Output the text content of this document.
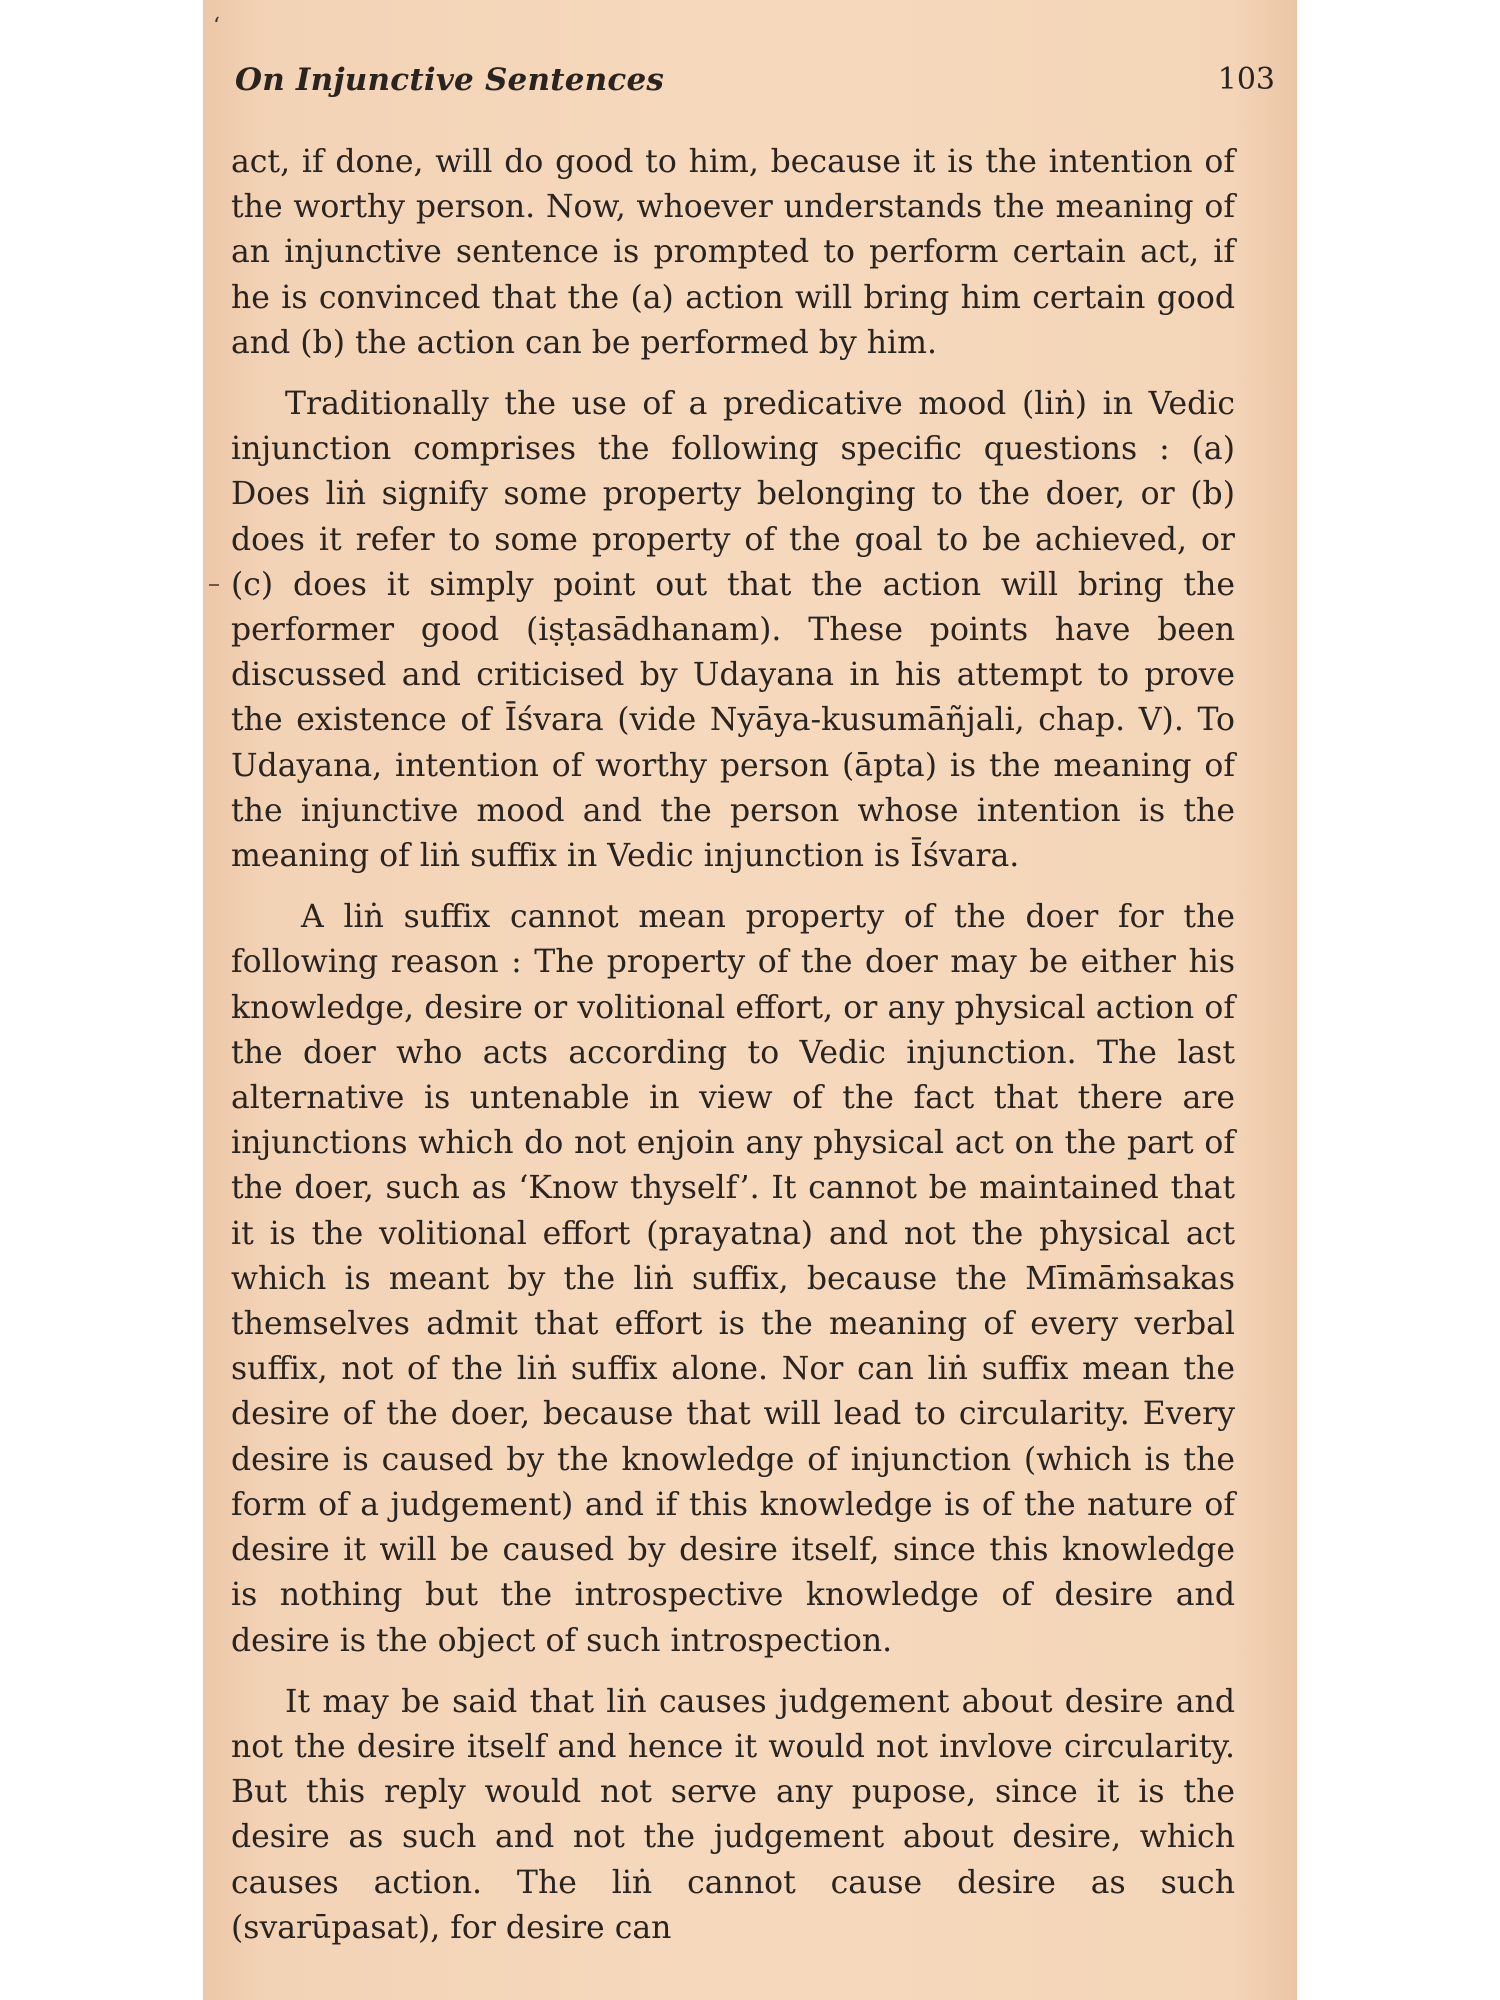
‘
On Injunctive Sentences	103

act, if done, will do good to him, because it is the intention of the worthy person. Now, whoever understands the meaning of an injunctive sentence is prompted to perform certain act, if he is convinced that the (a) action will bring him certain good and (b) the action can be performed by him.

Traditionally the use of a predicative mood (liṅ) in Vedic injunction comprises the following specific questions : (a) Does liṅ signify some property belonging to the doer, or (b) does it refer to some property of the goal to be achieved, or (c) does it simply point out that the action will bring the performer good (iṣṭasādhanam). These points have been discussed and criticised by Udayana in his attempt to prove the existence of Īśvara (vide Nyāya-kusumāñjali, chap. V). To Udayana, intention of worthy person (āpta) is the meaning of the injunctive mood and the person whose intention is the meaning of liṅ suffix in Vedic injunction is Īśvara.

A liṅ suffix cannot mean property of the doer for the following reason : The property of the doer may be either his knowledge, desire or volitional effort, or any physical action of the doer who acts according to Vedic injunction. The last alternative is untenable in view of the fact that there are injunctions which do not enjoin any physical act on the part of the doer, such as ‘Know thyself’. It cannot be maintained that it is the volitional effort (prayatna) and not the physical act which is meant by the liṅ suffix, because the Mīmāṁsakas themselves admit that effort is the meaning of every verbal suffix, not of the liṅ suffix alone. Nor can liṅ suffix mean the desire of the doer, because that will lead to circularity. Every desire is caused by the knowledge of injunction (which is the form of a judgement) and if this knowledge is of the nature of desire it will be caused by desire itself, since this knowledge is nothing but the introspective knowledge of desire and desire is the object of such introspection.

It may be said that liṅ causes judgement about desire and not the desire itself and hence it would not invlove circularity. But this reply would not serve any pupose, since it is the desire as such and not the judgement about desire, which causes action. The liṅ cannot cause desire as such (svarūpasat), for desire can
